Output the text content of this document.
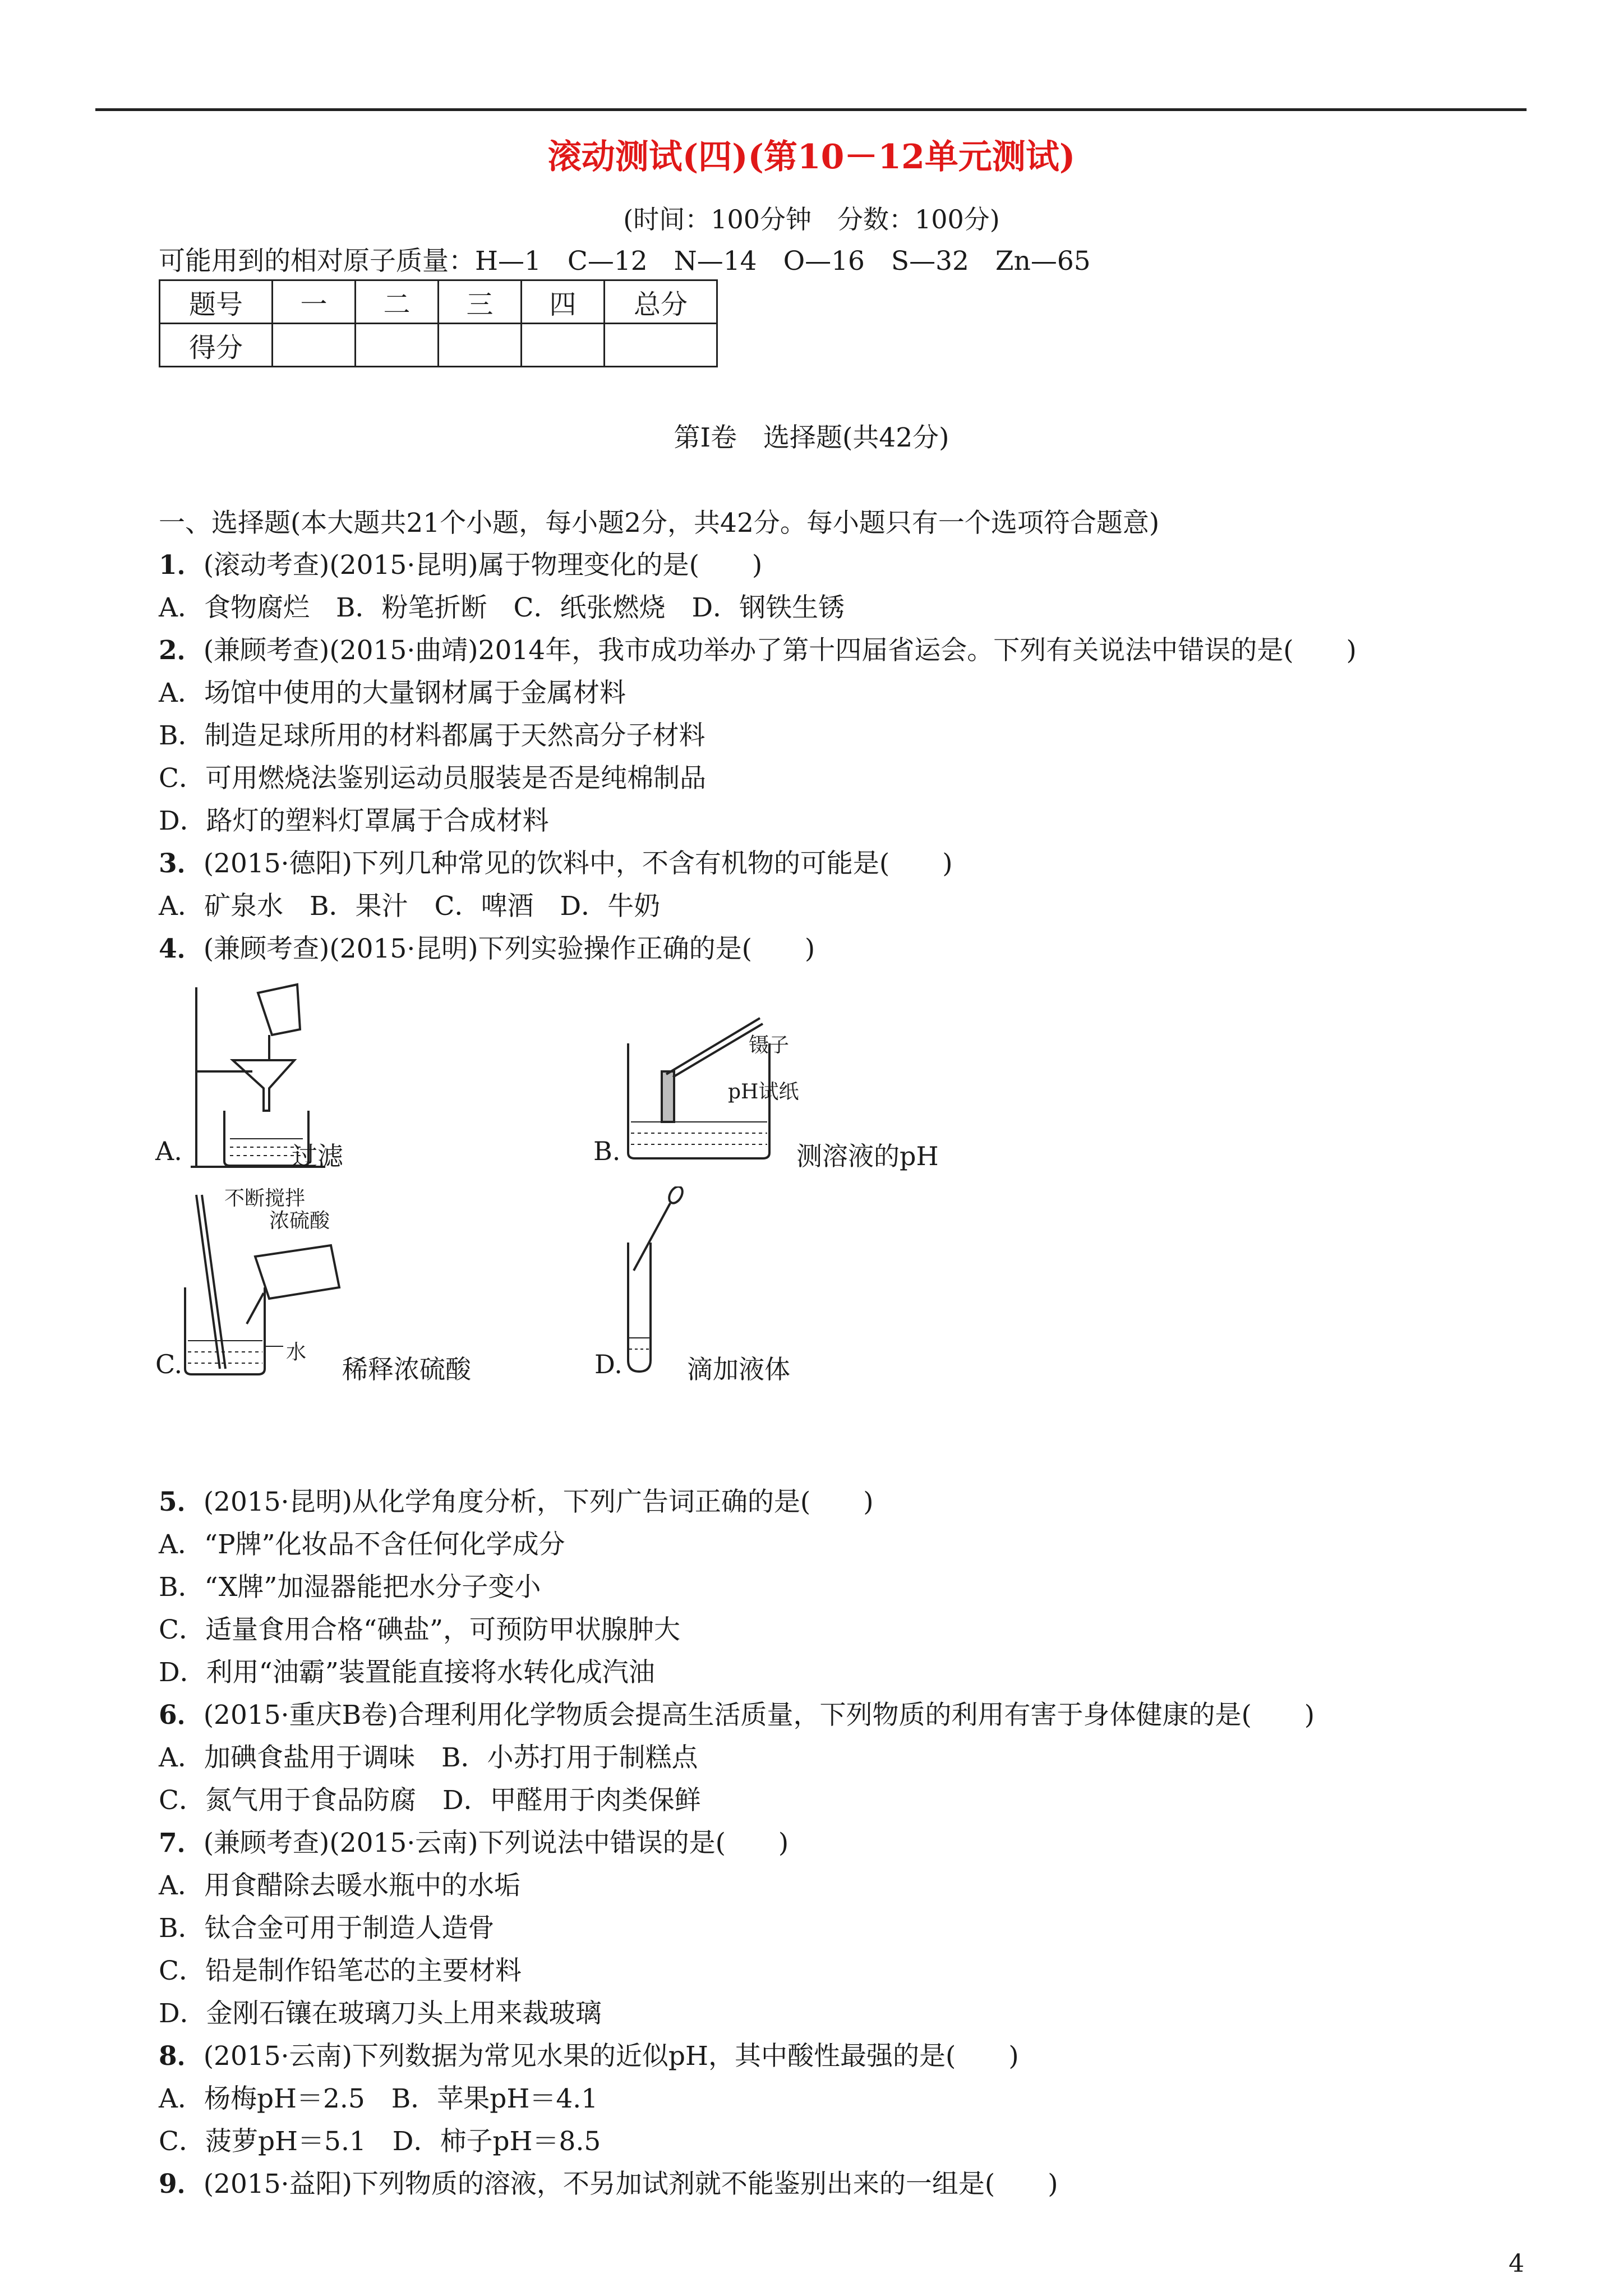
滚动测试(四)(第10－12单元测试)
(时间：100分钟　分数：100分)
可能用到的相对原子质量：H—1　C—12　N—14　O—16　S—32　Zn—65
题号	一	二	三	四	总分
得分					
第Ⅰ卷　选择题(共42分)
一、选择题(本大题共21个小题，每小题2分，共42分。每小题只有一个选项符合题意)
1．(滚动考查)(2015·昆明)属于物理变化的是(　　)
A．食物腐烂　B．粉笔折断　C．纸张燃烧　D．钢铁生锈
2．(兼顾考查)(2015·曲靖)2014年，我市成功举办了第十四届省运会。下列有关说法中错误的是(　　)
A．场馆中使用的大量钢材属于金属材料
B．制造足球所用的材料都属于天然高分子材料
C．可用燃烧法鉴别运动员服装是否是纯棉制品
D．路灯的塑料灯罩属于合成材料
3．(2015·德阳)下列几种常见的饮料中，不含有机物的可能是(　　)
A．矿泉水　B．果汁　C．啤酒　D．牛奶
4．(兼顾考查)(2015·昆明)下列实验操作正确的是(　　)
A.	过滤
镊子
pH试纸
B.	测溶液的pH
不断搅拌
浓硫酸
水
C.	稀释浓硫酸	D.	滴加液体
5．(2015·昆明)从化学角度分析，下列广告词正确的是(　　)
A．“P牌”化妆品不含任何化学成分
B．“X牌”加湿器能把水分子变小
C．适量食用合格“碘盐”，可预防甲状腺肿大
D．利用“油霸”装置能直接将水转化成汽油
6．(2015·重庆B卷)合理利用化学物质会提高生活质量，下列物质的利用有害于身体健康的是(　　)
A．加碘食盐用于调味　B．小苏打用于制糕点
C．氮气用于食品防腐　D．甲醛用于肉类保鲜
7．(兼顾考查)(2015·云南)下列说法中错误的是(　　)
A．用食醋除去暖水瓶中的水垢
B．钛合金可用于制造人造骨
C．铅是制作铅笔芯的主要材料
D．金刚石镶在玻璃刀头上用来裁玻璃
8．(2015·云南)下列数据为常见水果的近似pH，其中酸性最强的是(　　)
A．杨梅pH＝2.5　B．苹果pH＝4.1
C．菠萝pH＝5.1　D．柿子pH＝8.5
9．(2015·益阳)下列物质的溶液，不另加试剂就不能鉴别出来的一组是(　　)
4
